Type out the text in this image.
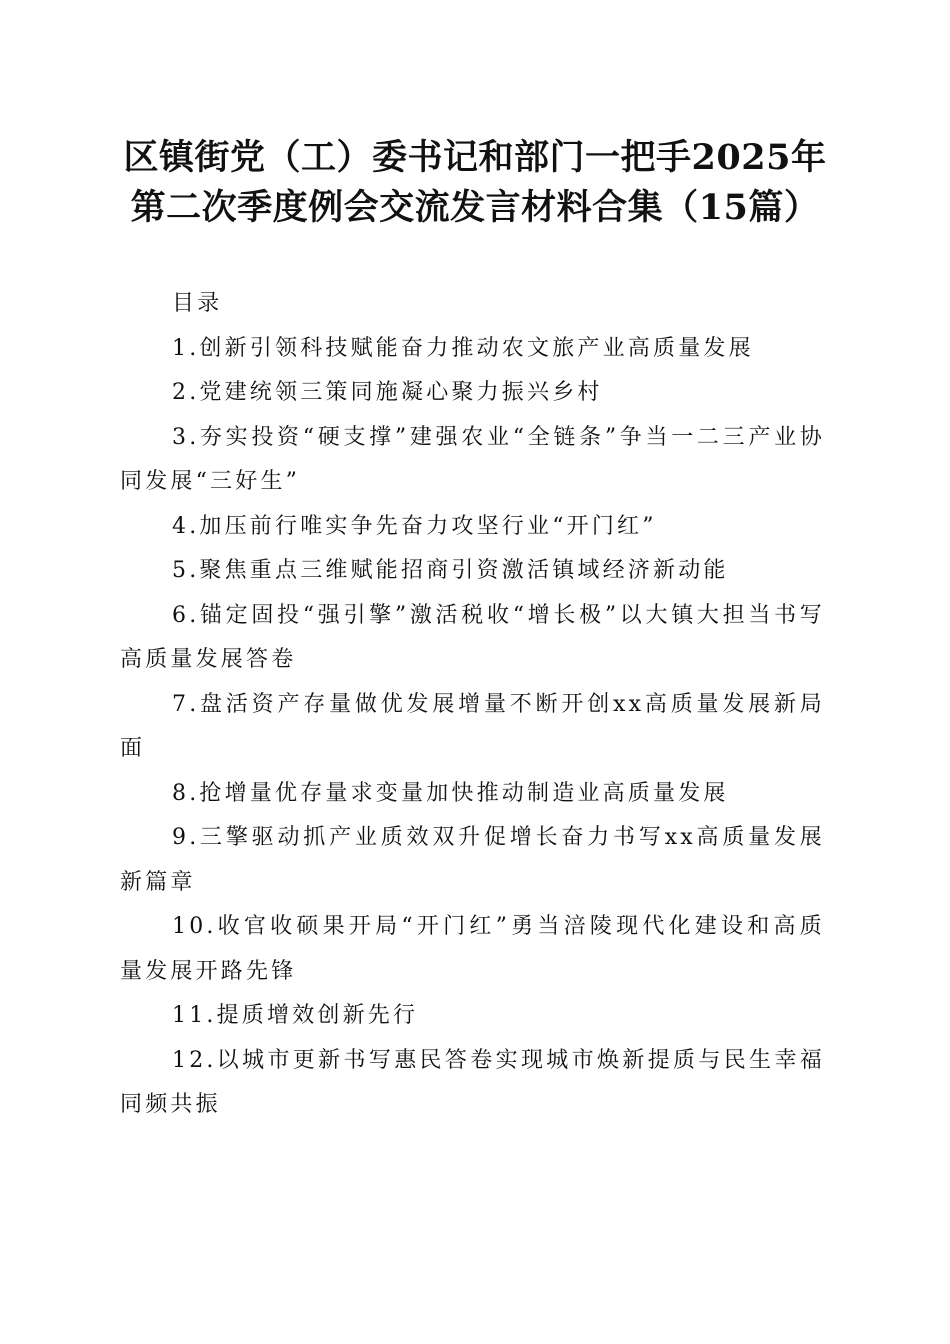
区镇街党（工）委书记和部门一把手2025年
第二次季度例会交流发言材料合集（15篇）
目录
1.创新引领科技赋能奋力推动农文旅产业高质量发展
2.党建统领三策同施凝心聚力振兴乡村
3.夯实投资“硬支撑”建强农业“全链条”争当一二三产业协同发展“三好生”
4.加压前行唯实争先奋力攻坚行业“开门红”
5.聚焦重点三维赋能招商引资激活镇域经济新动能
6.锚定固投“强引擎”激活税收“增长极”以大镇大担当书写高质量发展答卷
7.盘活资产存量做优发展增量不断开创xx高质量发展新局面
8.抢增量优存量求变量加快推动制造业高质量发展
9.三擎驱动抓产业质效双升促增长奋力书写xx高质量发展新篇章
10.收官收硕果开局“开门红”勇当涪陵现代化建设和高质量发展开路先锋
11.提质增效创新先行
12.以城市更新书写惠民答卷实现城市焕新提质与民生幸福同频共振
